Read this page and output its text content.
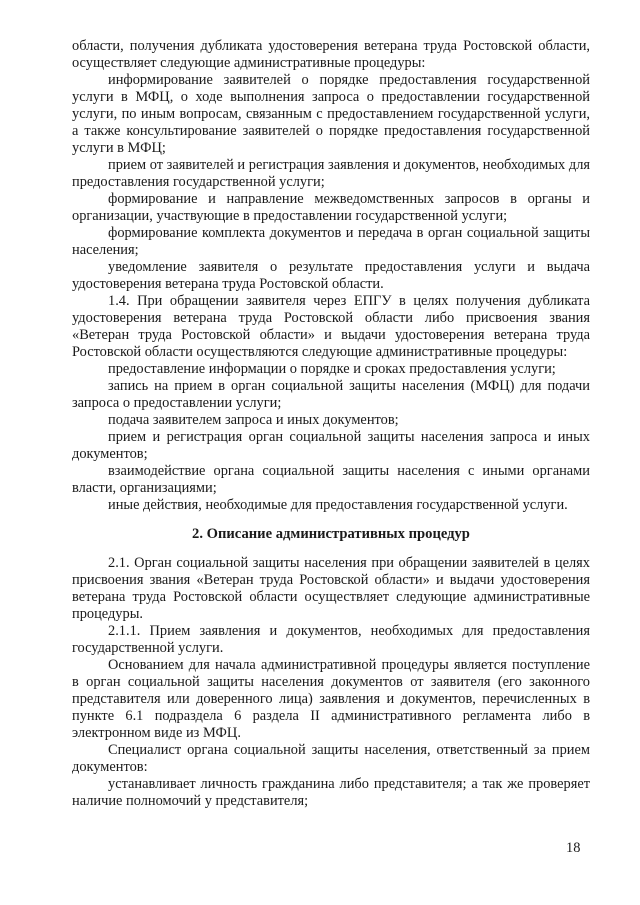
области, получения дубликата удостоверения ветерана труда Ростовской области, осуществляет следующие административные процедуры:

информирование заявителей о порядке предоставления государственной услуги в МФЦ, о ходе выполнения запроса о предоставлении государственной услуги, по иным вопросам, связанным с предоставлением государственной услуги, а также консультирование заявителей о порядке предоставления государственной услуги в МФЦ;

прием от заявителей и регистрация заявления и документов, необходимых для предоставления государственной услуги;

формирование и направление межведомственных запросов в органы и организации, участвующие в предоставлении государственной услуги;

формирование комплекта документов и передача в орган социальной защиты населения;

уведомление заявителя о результате предоставления услуги и выдача удостоверения ветерана труда Ростовской области.

1.4. При обращении заявителя через ЕПГУ в целях получения дубликата удостоверения ветерана труда Ростовской области либо присвоения звания «Ветеран труда Ростовской области» и выдачи удостоверения ветерана труда Ростовской области осуществляются следующие административные процедуры:

предоставление информации о порядке и сроках предоставления услуги;

запись на прием в орган социальной защиты населения (МФЦ) для подачи запроса о предоставлении услуги;

подача заявителем запроса и иных документов;

прием и регистрация орган социальной защиты населения запроса и иных документов;

взаимодействие органа социальной защиты населения с иными органами власти, организациями;

иные действия, необходимые для предоставления государственной услуги.

2. Описание административных процедур

2.1. Орган социальной защиты населения при обращении заявителей в целях присвоения звания «Ветеран труда Ростовской области» и выдачи удостоверения ветерана труда Ростовской области осуществляет следующие административные процедуры.

2.1.1. Прием заявления и документов, необходимых для предоставления государственной услуги.

Основанием для начала административной процедуры является поступление в орган социальной защиты населения документов от заявителя (его законного представителя или доверенного лица) заявления и документов, перечисленных в пункте 6.1 подраздела 6 раздела II административного регламента либо в электронном виде из МФЦ.

Специалист органа социальной защиты населения, ответственный за прием документов:

устанавливает личность гражданина либо представителя; а так же проверяет наличие полномочий у представителя;

18
